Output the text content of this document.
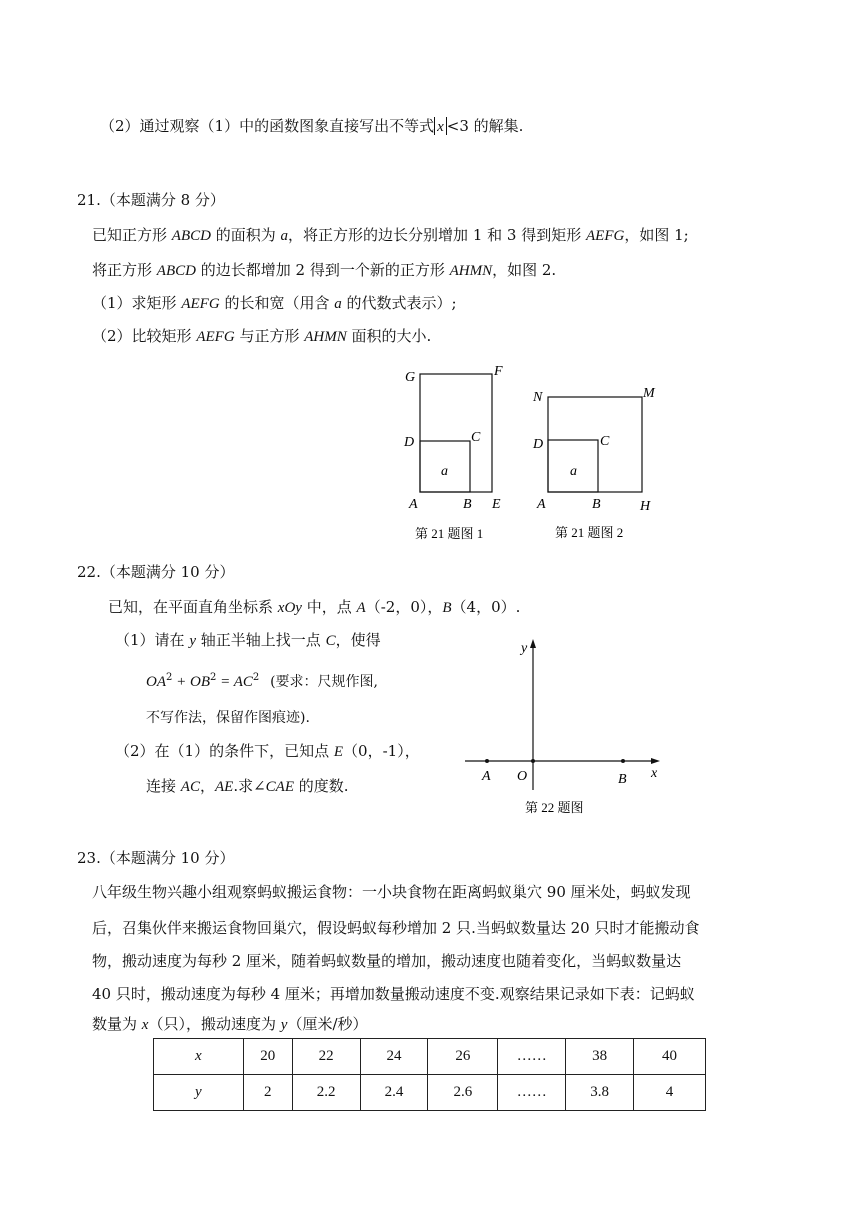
（2）通过观察（1）中的函数图象直接写出不等式 x <3 的解集.
21.（本题满分 8 分）
已知正方形 ABCD 的面积为 a，将正方形的边长分别增加 1 和 3 得到矩形 AEFG，如图 1;
将正方形 ABCD 的边长都增加 2 得到一个新的正方形 AHMN，如图 2.
（1）求矩形 AEFG 的长和宽（用含 a 的代数式表示）;
（2）比较矩形 AEFG 与正方形 AHMN 面积的大小.
G	F
D	C
a
A	B E
第 21 题图 1
N	M
D	C
a
A	B	H
第 21 题图 2
22.（本题满分 10 分）
已知，在平面直角坐标系 xOy 中，点 A（-2，0），B（4，0）.
（1）请在 y 轴正半轴上找一点 C，使得
$OA^2 + OB^2 = AC^2$ (要求：尺规作图,
不写作法，保留作图痕迹).
（2）在（1）的条件下，已知点 E（0，-1），
连接 AC，AE.求∠CAE 的度数.
y
x
A O	B
第 22 题图
23.（本题满分 10 分）
八年级生物兴趣小组观察蚂蚁搬运食物：一小块食物在距离蚂蚁巢穴 90 厘米处，蚂蚁发现
后，召集伙伴来搬运食物回巢穴，假设蚂蚁每秒增加 2 只.当蚂蚁数量达 20 只时才能搬动食
物，搬动速度为每秒 2 厘米，随着蚂蚁数量的增加，搬动速度也随着变化，当蚂蚁数量达
40 只时，搬动速度为每秒 4 厘米；再增加数量搬动速度不变.观察结果记录如下表：记蚂蚁
数量为 x（只），搬动速度为 y（厘米/秒）
x	20	22	24	26	……	38	40
y	2	2.2	2.4	2.6	……	3.8	4
